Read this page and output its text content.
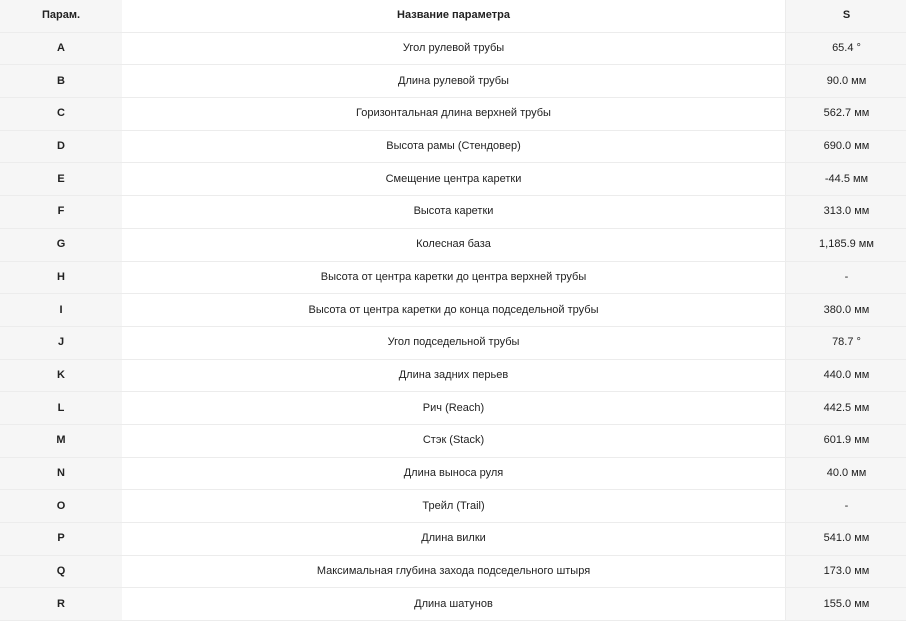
Парам.	Название параметра	S
A	Угол рулевой трубы	65.4 °
B	Длина рулевой трубы	90.0 мм
C	Горизонтальная длина верхней трубы	562.7 мм
D	Высота рамы (Стендовер)	690.0 мм
E	Смещение центра каретки	-44.5 мм
F	Высота каретки	313.0 мм
G	Колесная база	1,185.9 мм
H	Высота от центра каретки до центра верхней трубы	-
I	Высота от центра каретки до конца подседельной трубы	380.0 мм
J	Угол подседельной трубы	78.7 °
K	Длина задних перьев	440.0 мм
L	Рич (Reach)	442.5 мм
M	Стэк (Stack)	601.9 мм
N	Длина выноса руля	40.0 мм
O	Трейл (Trail)	-
P	Длина вилки	541.0 мм
Q	Максимальная глубина захода подседельного штыря	173.0 мм
R	Длина шатунов	155.0 мм
